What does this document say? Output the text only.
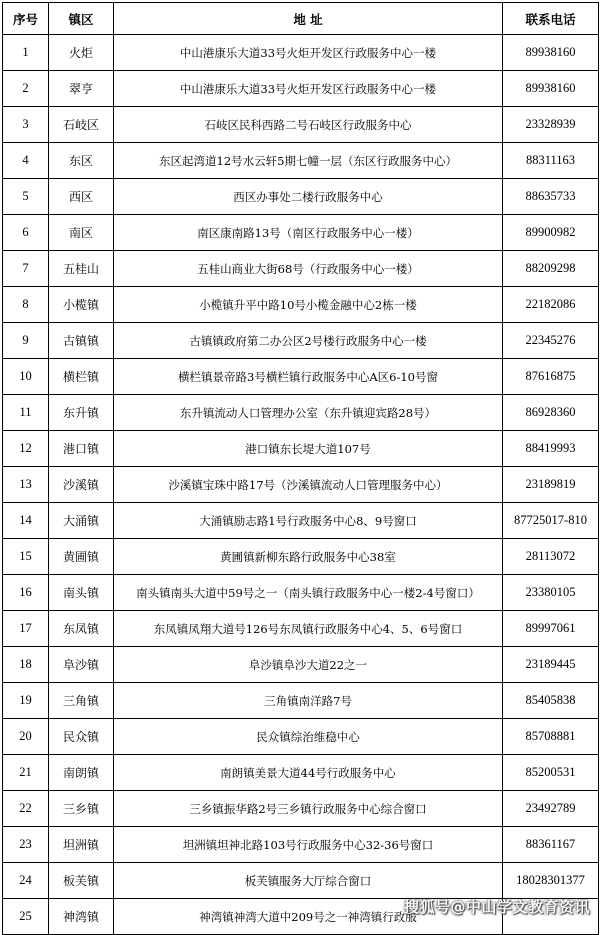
序号	镇区	地 址	联系电话
1	火炬	中山港康乐大道33号火炬开发区行政服务中心一楼	89938160
2	翠亨	中山港康乐大道33号火炬开发区行政服务中心一楼	89938160
3	石岐区	石岐区民科西路二号石岐区行政服务中心	23328939
4	东区	东区起湾道12号水云轩5期七幢一层（东区行政服务中心）	88311163
5	西区	西区办事处二楼行政服务中心	88635733
6	南区	南区康南路13号（南区行政服务中心一楼）	89900982
7	五桂山	五桂山商业大街68号（行政服务中心一楼）	88209298
8	小榄镇	小榄镇升平中路10号小榄金融中心2栋一楼	22182086
9	古镇镇	古镇镇政府第二办公区2号楼行政服务中心一楼	22345276
10	横栏镇	横栏镇景帝路3号横栏镇行政服务中心A区6-10号窗	87616875
11	东升镇	东升镇流动人口管理办公室（东升镇迎宾路28号）	86928360
12	港口镇	港口镇东长堤大道107号	88419993
13	沙溪镇	沙溪镇宝珠中路17号（沙溪镇流动人口管理服务中心）	23189819
14	大涌镇	大涌镇励志路1号行政服务中心8、9号窗口	87725017-810
15	黄圃镇	黄圃镇新柳东路行政服务中心38室	28113072
16	南头镇	南头镇南头大道中59号之一（南头镇行政服务中心一楼2-4号窗口）	23380105
17	东凤镇	东凤镇凤翔大道号126号东凤镇行政服务中心4、5、6号窗口	89997061
18	阜沙镇	阜沙镇阜沙大道22之一	23189445
19	三角镇	三角镇南洋路7号	85405838
20	民众镇	民众镇综治维稳中心	85708881
21	南朗镇	南朗镇美景大道44号行政服务中心	85200531
22	三乡镇	三乡镇振华路2号三乡镇行政服务中心综合窗口	23492789
23	坦洲镇	坦洲镇坦神北路103号行政服务中心32-36号窗口	88361167
24	板芙镇	板芙镇服务大厅综合窗口	18028301377
25	神湾镇	神湾镇神湾大道中209号之一神湾镇行政服	
搜狐号@中山学文教育资讯
